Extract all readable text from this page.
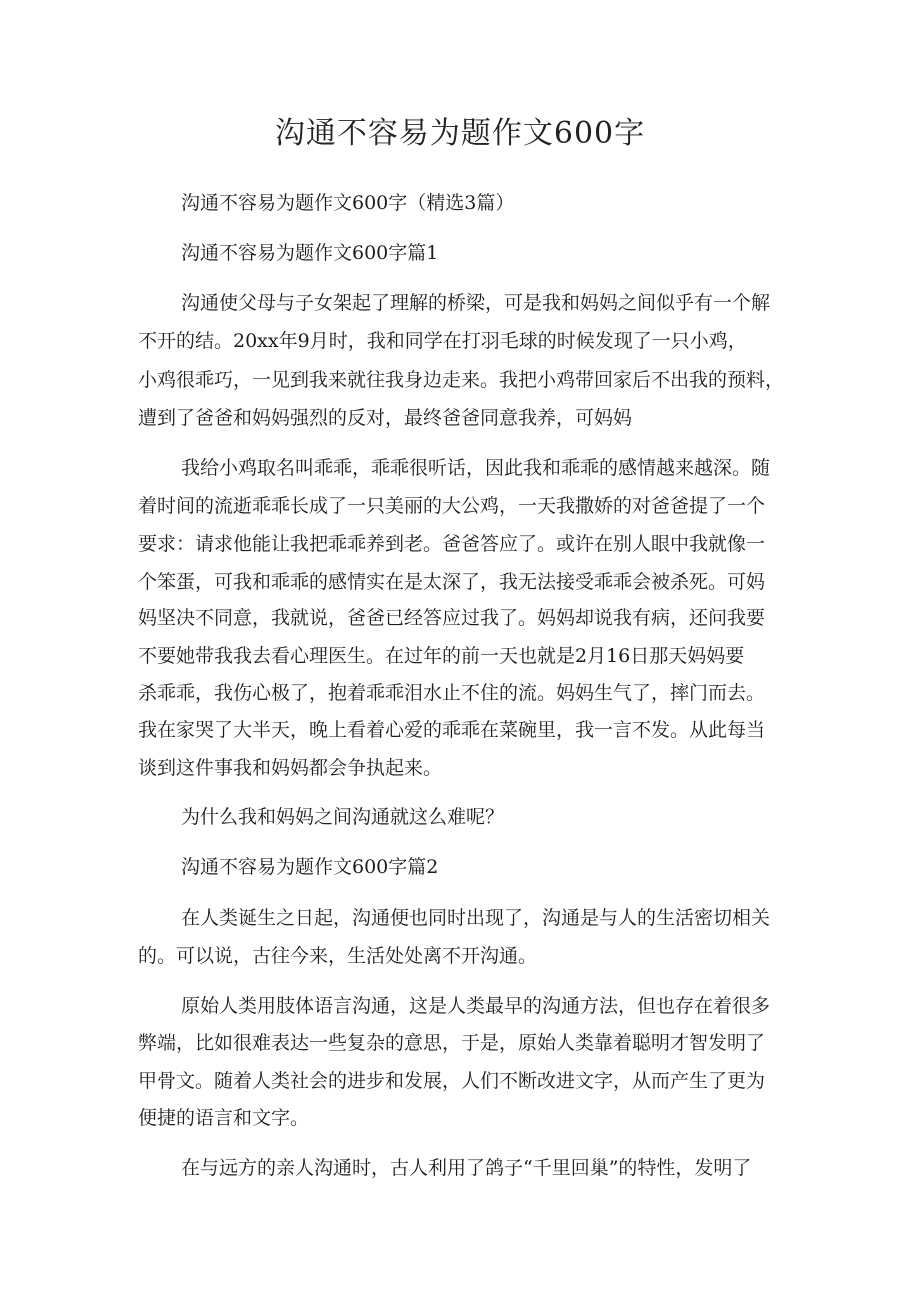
沟通不容易为题作文600字

沟通不容易为题作文600字（精选3篇）

沟通不容易为题作文600字篇1

沟通使父母与子女架起了理解的桥梁，可是我和妈妈之间似乎有一个解

不开的结。20xx年9月时，我和同学在打羽毛球的时候发现了一只小鸡，

小鸡很乖巧，一见到我来就往我身边走来。我把小鸡带回家后不出我的预料，

遭到了爸爸和妈妈强烈的反对，最终爸爸同意我养，可妈妈

我给小鸡取名叫乖乖，乖乖很听话，因此我和乖乖的感情越来越深。随

着时间的流逝乖乖长成了一只美丽的大公鸡，一天我撒娇的对爸爸提了一个

要求：请求他能让我把乖乖养到老。爸爸答应了。或许在别人眼中我就像一

个笨蛋，可我和乖乖的感情实在是太深了，我无法接受乖乖会被杀死。可妈

妈坚决不同意，我就说，爸爸已经答应过我了。妈妈却说我有病，还问我要

不要她带我我去看心理医生。在过年的前一天也就是2月16日那天妈妈要

杀乖乖，我伤心极了，抱着乖乖泪水止不住的流。妈妈生气了，摔门而去。

我在家哭了大半天，晚上看着心爱的乖乖在菜碗里，我一言不发。从此每当

谈到这件事我和妈妈都会争执起来。

为什么我和妈妈之间沟通就这么难呢？

沟通不容易为题作文600字篇2

在人类诞生之日起，沟通便也同时出现了，沟通是与人的生活密切相关

的。可以说，古往今来，生活处处离不开沟通。

原始人类用肢体语言沟通，这是人类最早的沟通方法，但也存在着很多

弊端，比如很难表达一些复杂的意思，于是，原始人类靠着聪明才智发明了

甲骨文。随着人类社会的进步和发展，人们不断改进文字，从而产生了更为

便捷的语言和文字。

在与远方的亲人沟通时，古人利用了鸽子“千里回巢”的特性，发明了
